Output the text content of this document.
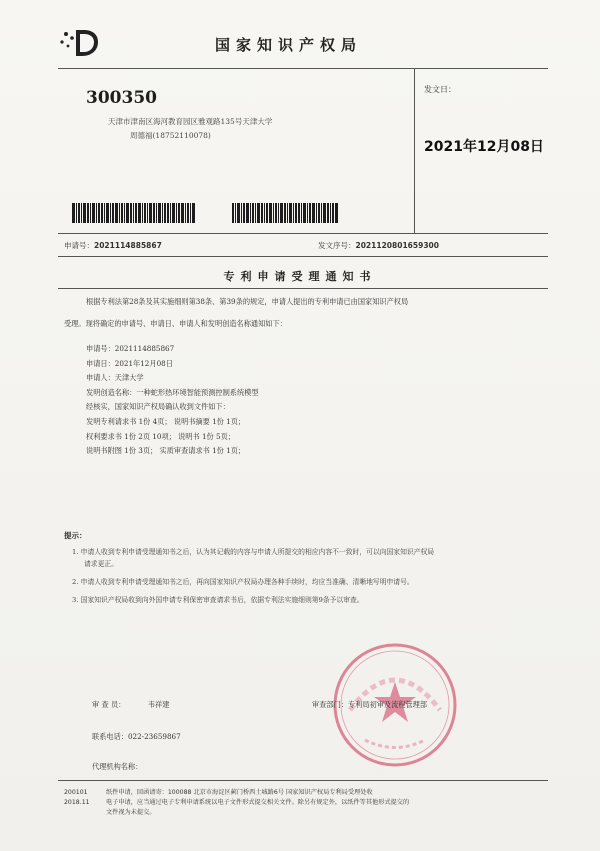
国家知识产权局
300350
天津市津南区海河教育园区雅观路135号天津大学
周德福(18752110078)
发文日：
2021年12月08日
申请号：2021114885867	发文序号：2021120801659300
专利申请受理通知书
根据专利法第28条及其实施细则第38条、第39条的规定，申请人提出的专利申请已由国家知识产权局
受理。现将确定的申请号、申请日、申请人和发明创造名称通知如下：
申请号：2021114885867
申请日：2021年12月08日
申请人：天津大学
发明创造名称：一种蛇形热环境智能预测控制系统模型
经核实，国家知识产权局确认收到文件如下：
发明专利请求书 1份 4页； 说明书摘要 1份 1页；
权利要求书 1份 2页 10项； 说明书 1份 5页；
说明书附图 1份 3页； 实质审查请求书 1份 1页；
提示：
1. 申请人收到专利申请受理通知书之后，认为其记载的内容与申请人所提交的相应内容不一致时，可以向国家知识产权局
请求更正。
2. 申请人收到专利申请受理通知书之后，再向国家知识产权局办理各种手续时，均应当准确、清晰地写明申请号。
3. 国家知识产权局收到向外国申请专利保密审查请求书后，依据专利法实施细则第9条予以审查。
审 查 员：	韦祥建	审查部门：专利局初审及流程管理部
联系电话：022-23659867
代理机构名称：
200101
2018.11
纸件申请，回函请寄：100088 北京市海淀区蓟门桥西土城路6号 国家知识产权局专利局受理处收
电子申请，应当通过电子专利申请系统以电子文件形式提交相关文件。除另有规定外，以纸件等其他形式提交的
文件视为未提交。
